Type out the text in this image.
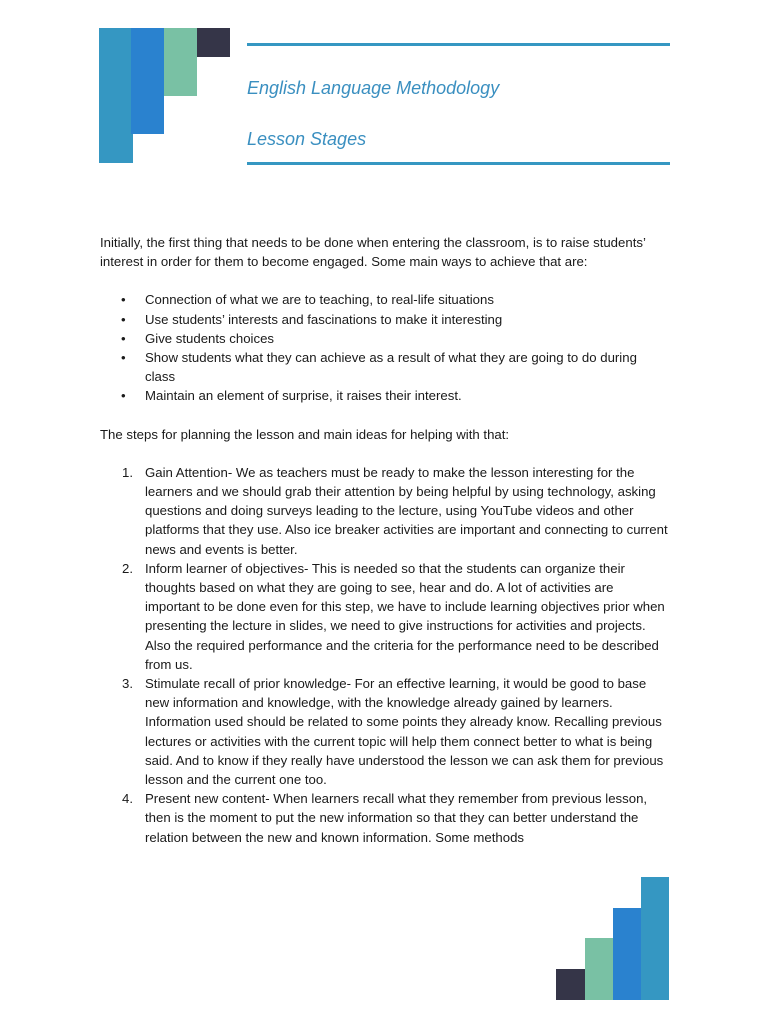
English Language Methodology
Lesson Stages

Initially, the first thing that needs to be done when entering the classroom, is to raise students’ interest in order for them to become engaged. Some main ways to achieve that are:

• Connection of what we are to teaching, to real-life situations
• Use students’ interests and fascinations to make it interesting
• Give students choices
• Show students what they can achieve as a result of what they are going to do during class
• Maintain an element of surprise, it raises their interest.

The steps for planning the lesson and main ideas for helping with that:

1. Gain Attention- We as teachers must be ready to make the lesson interesting for the learners and we should grab their attention by being helpful by using technology, asking questions and doing surveys leading to the lecture, using YouTube videos and other platforms that they use. Also ice breaker activities are important and connecting to current news and events is better.
2. Inform learner of objectives- This is needed so that the students can organize their thoughts based on what they are going to see, hear and do. A lot of activities are important to be done even for this step, we have to include learning objectives prior when presenting the lecture in slides, we need to give instructions for activities and projects. Also the required performance and the criteria for the performance need to be described from us.
3. Stimulate recall of prior knowledge- For an effective learning, it would be good to base new information and knowledge, with the knowledge already gained by learners. Information used should be related to some points they already know. Recalling previous lectures or activities with the current topic will help them connect better to what is being said. And to know if they really have understood the lesson we can ask them for previous lesson and the current one too.
4. Present new content- When learners recall what they remember from previous lesson, then is the moment to put the new information so that they can better understand the relation between the new and known information. Some methods
